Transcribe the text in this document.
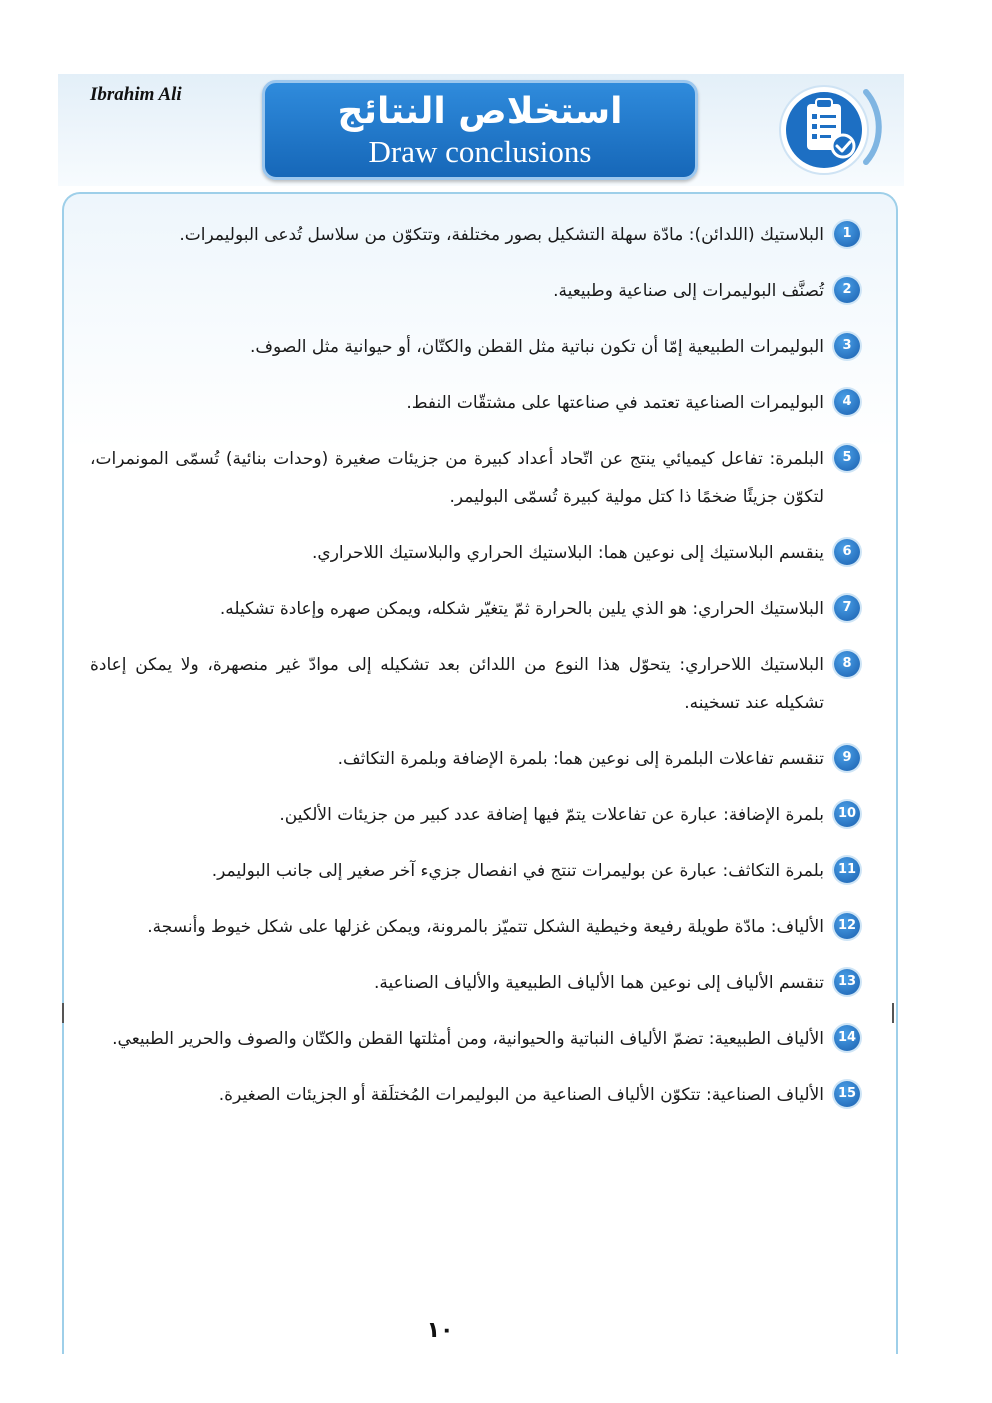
Ibrahim Ali	استخلاص النتائج
Draw conclusions
1
البلاستيك (اللدائن): مادّة سهلة التشكيل بصور مختلفة، وتتكوّن من سلاسل تُدعى البوليمرات.
2
تُصنَّف البوليمرات إلى صناعية وطبيعية.
3
البوليمرات الطبيعية إمّا أن تكون نباتية مثل القطن والكتّان، أو حيوانية مثل الصوف.
4
البوليمرات الصناعية تعتمد في صناعتها على مشتقّات النفط.
5
البلمرة: تفاعل كيميائي ينتج عن اتّحاد أعداد كبيرة من جزيئات صغيرة (وحدات بنائية) تُسمّى المونمرات، لتكوّن جزيئًا ضخمًا ذا كتل مولية كبيرة تُسمّى البوليمر.
6
ينقسم البلاستيك إلى نوعين هما: البلاستيك الحراري والبلاستيك اللاحراري.
7
البلاستيك الحراري: هو الذي يلين بالحرارة ثمّ يتغيّر شكله، ويمكن صهره وإعادة تشكيله.
8
البلاستيك اللاحراري: يتحوّل هذا النوع من اللدائن بعد تشكيله إلى موادّ غير منصهرة، ولا يمكن إعادة تشكيله عند تسخينه.
9
تنقسم تفاعلات البلمرة إلى نوعين هما: بلمرة الإضافة وبلمرة التكاثف.
10
بلمرة الإضافة: عبارة عن تفاعلات يتمّ فيها إضافة عدد كبير من جزيئات الألكين.
11
بلمرة التكاثف: عبارة عن بوليمرات تنتج في انفصال جزيء آخر صغير إلى جانب البوليمر.
12
الألياف: مادّة طويلة رفيعة وخيطية الشكل تتميّز بالمرونة، ويمكن غزلها على شكل خيوط وأنسجة.
13
تنقسم الألياف إلى نوعين هما الألياف الطبيعية والألياف الصناعية.
14
الألياف الطبيعية: تضمّ الألياف النباتية والحيوانية، ومن أمثلتها القطن والكتّان والصوف والحرير الطبيعي.
15
الألياف الصناعية: تتكوّن الألياف الصناعية من البوليمرات المُختلَقة أو الجزيئات الصغيرة.
١٠
